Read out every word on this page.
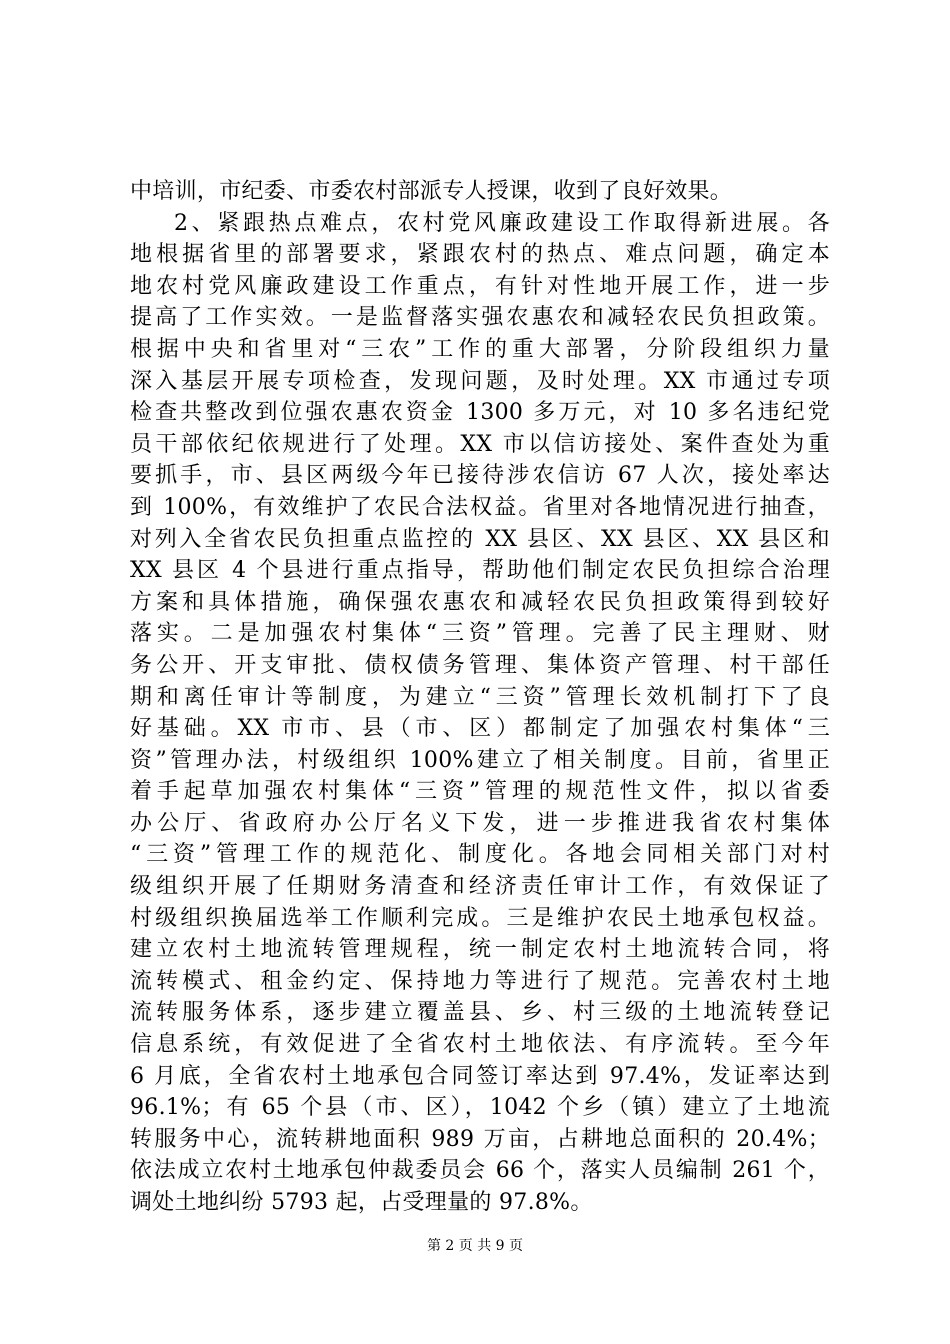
中培训，市纪委、市委农村部派专人授课，收到了良好效果。
2、紧跟热点难点，农村党风廉政建设工作取得新进展。各
地根据省里的部署要求，紧跟农村的热点、难点问题，确定本
地农村党风廉政建设工作重点，有针对性地开展工作，进一步
提高了工作实效。一是监督落实强农惠农和减轻农民负担政策。
根据中央和省里对“三农”工作的重大部署，分阶段组织力量
深入基层开展专项检查，发现问题，及时处理。XX 市通过专项
检查共整改到位强农惠农资金 1300 多万元，对 10 多名违纪党
员干部依纪依规进行了处理。XX 市以信访接处、案件查处为重
要抓手，市、县区两级今年已接待涉农信访 67 人次，接处率达
到 100%，有效维护了农民合法权益。省里对各地情况进行抽查，
对列入全省农民负担重点监控的 XX 县区、XX 县区、XX 县区和
XX 县区 4 个县进行重点指导，帮助他们制定农民负担综合治理
方案和具体措施，确保强农惠农和减轻农民负担政策得到较好
落实。二是加强农村集体“三资”管理。完善了民主理财、财
务公开、开支审批、债权债务管理、集体资产管理、村干部任
期和离任审计等制度，为建立“三资”管理长效机制打下了良
好基础。XX 市市、县（市、区）都制定了加强农村集体“三
资”管理办法，村级组织 100%建立了相关制度。目前，省里正
着手起草加强农村集体“三资”管理的规范性文件，拟以省委
办公厅、省政府办公厅名义下发，进一步推进我省农村集体
“三资”管理工作的规范化、制度化。各地会同相关部门对村
级组织开展了任期财务清查和经济责任审计工作，有效保证了
村级组织换届选举工作顺利完成。三是维护农民土地承包权益。
建立农村土地流转管理规程，统一制定农村土地流转合同，将
流转模式、租金约定、保持地力等进行了规范。完善农村土地
流转服务体系，逐步建立覆盖县、乡、村三级的土地流转登记
信息系统，有效促进了全省农村土地依法、有序流转。至今年
6 月底，全省农村土地承包合同签订率达到 97.4%，发证率达到
96.1%；有 65 个县（市、区），1042 个乡（镇）建立了土地流
转服务中心，流转耕地面积 989 万亩，占耕地总面积的 20.4%；
依法成立农村土地承包仲裁委员会 66 个，落实人员编制 261 个，
调处土地纠纷 5793 起，占受理量的 97.8%。
第 2 页 共 9 页
